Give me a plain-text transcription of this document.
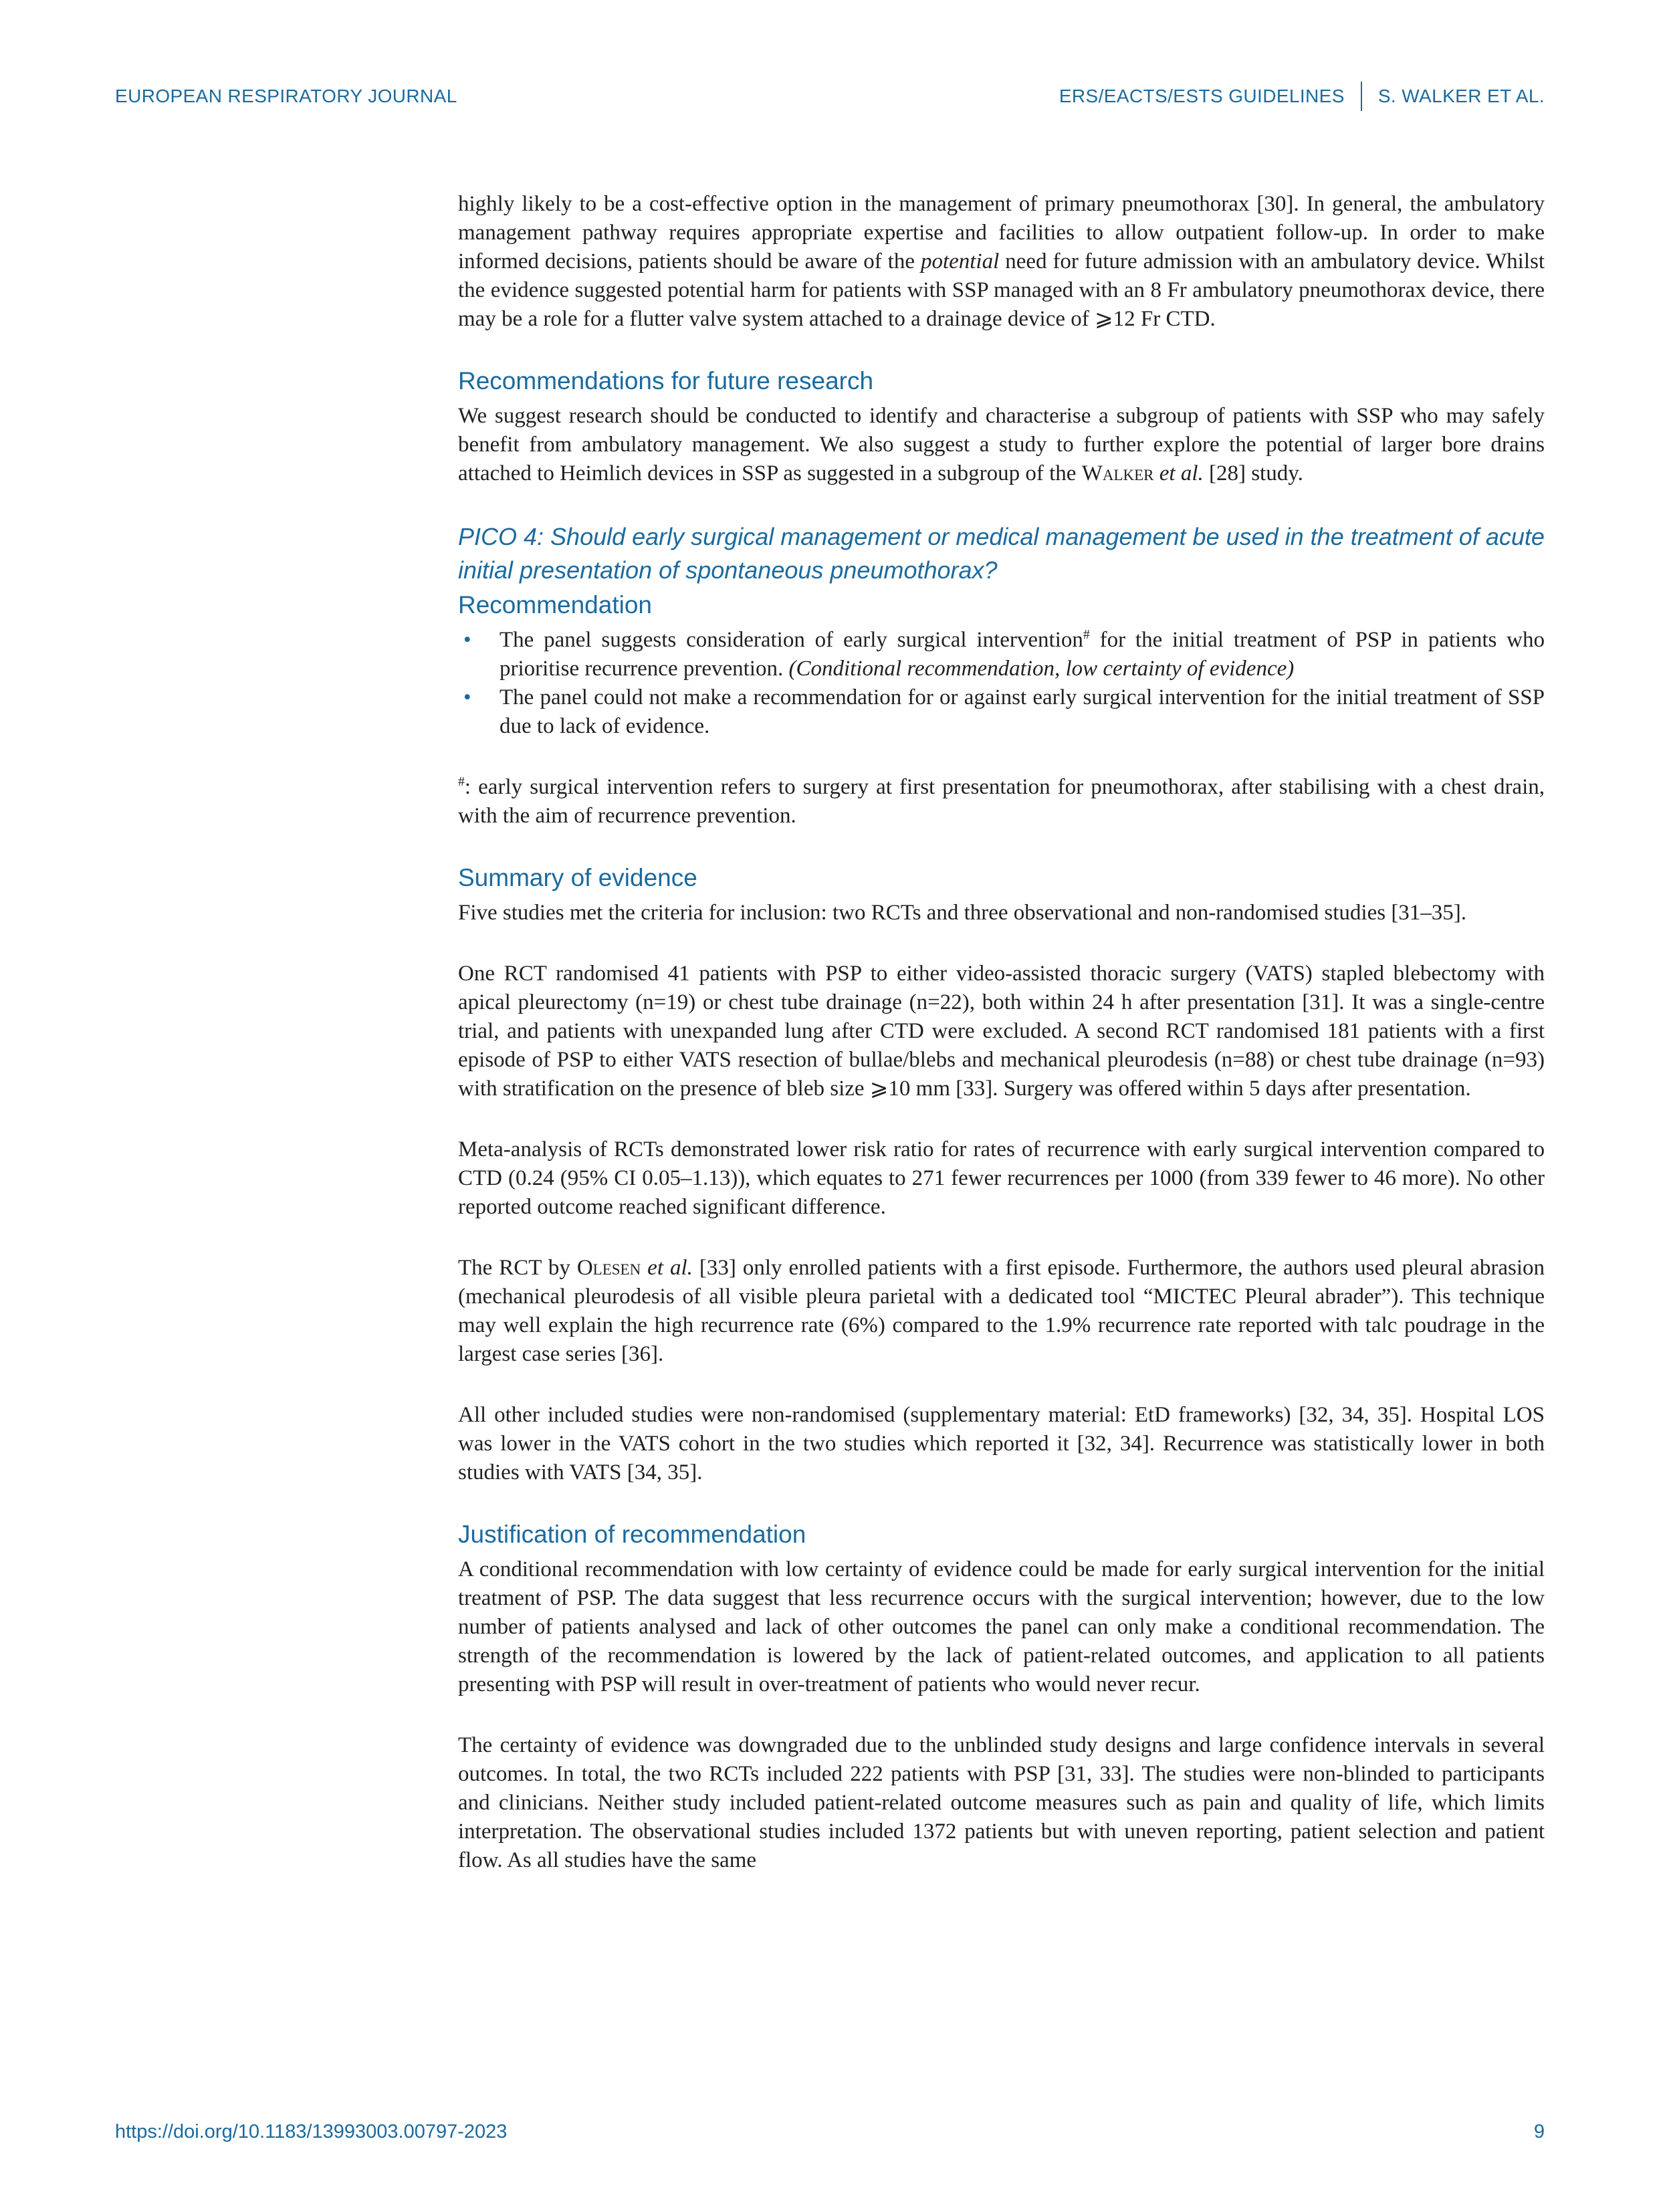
EUROPEAN RESPIRATORY JOURNAL	ERS/EACTS/ESTS GUIDELINES S. WALKER ET AL.

highly likely to be a cost-effective option in the management of primary pneumothorax [30]. In general, the ambulatory management pathway requires appropriate expertise and facilities to allow outpatient follow-up. In order to make informed decisions, patients should be aware of the potential need for future admission with an ambulatory device. Whilst the evidence suggested potential harm for patients with SSP managed with an 8 Fr ambulatory pneumothorax device, there may be a role for a flutter valve system attached to a drainage device of ⩾12 Fr CTD.

Recommendations for future research

We suggest research should be conducted to identify and characterise a subgroup of patients with SSP who may safely benefit from ambulatory management. We also suggest a study to further explore the potential of larger bore drains attached to Heimlich devices in SSP as suggested in a subgroup of the Walker et al. [28] study.

PICO 4: Should early surgical management or medical management be used in the treatment of acute initial presentation of spontaneous pneumothorax?
Recommendation
• The panel suggests consideration of early surgical intervention# for the initial treatment of PSP in patients who prioritise recurrence prevention. (Conditional recommendation, low certainty of evidence)
• The panel could not make a recommendation for or against early surgical intervention for the initial treatment of SSP due to lack of evidence.

#: early surgical intervention refers to surgery at first presentation for pneumothorax, after stabilising with a chest drain, with the aim of recurrence prevention.

Summary of evidence

Five studies met the criteria for inclusion: two RCTs and three observational and non-randomised studies [31–35].

One RCT randomised 41 patients with PSP to either video-assisted thoracic surgery (VATS) stapled blebectomy with apical pleurectomy (n=19) or chest tube drainage (n=22), both within 24 h after presentation [31]. It was a single-centre trial, and patients with unexpanded lung after CTD were excluded. A second RCT randomised 181 patients with a first episode of PSP to either VATS resection of bullae/blebs and mechanical pleurodesis (n=88) or chest tube drainage (n=93) with stratification on the presence of bleb size ⩾10 mm [33]. Surgery was offered within 5 days after presentation.

Meta-analysis of RCTs demonstrated lower risk ratio for rates of recurrence with early surgical intervention compared to CTD (0.24 (95% CI 0.05–1.13)), which equates to 271 fewer recurrences per 1000 (from 339 fewer to 46 more). No other reported outcome reached significant difference.

The RCT by Olesen et al. [33] only enrolled patients with a first episode. Furthermore, the authors used pleural abrasion (mechanical pleurodesis of all visible pleura parietal with a dedicated tool “MICTEC Pleural abrader”). This technique may well explain the high recurrence rate (6%) compared to the 1.9% recurrence rate reported with talc poudrage in the largest case series [36].

All other included studies were non-randomised (supplementary material: EtD frameworks) [32, 34, 35]. Hospital LOS was lower in the VATS cohort in the two studies which reported it [32, 34]. Recurrence was statistically lower in both studies with VATS [34, 35].

Justification of recommendation

A conditional recommendation with low certainty of evidence could be made for early surgical intervention for the initial treatment of PSP. The data suggest that less recurrence occurs with the surgical intervention; however, due to the low number of patients analysed and lack of other outcomes the panel can only make a conditional recommendation. The strength of the recommendation is lowered by the lack of patient-related outcomes, and application to all patients presenting with PSP will result in over-treatment of patients who would never recur.

The certainty of evidence was downgraded due to the unblinded study designs and large confidence intervals in several outcomes. In total, the two RCTs included 222 patients with PSP [31, 33]. The studies were non-blinded to participants and clinicians. Neither study included patient-related outcome measures such as pain and quality of life, which limits interpretation. The observational studies included 1372 patients but with uneven reporting, patient selection and patient flow. As all studies have the same

https://doi.org/10.1183/13993003.00797-2023	9
